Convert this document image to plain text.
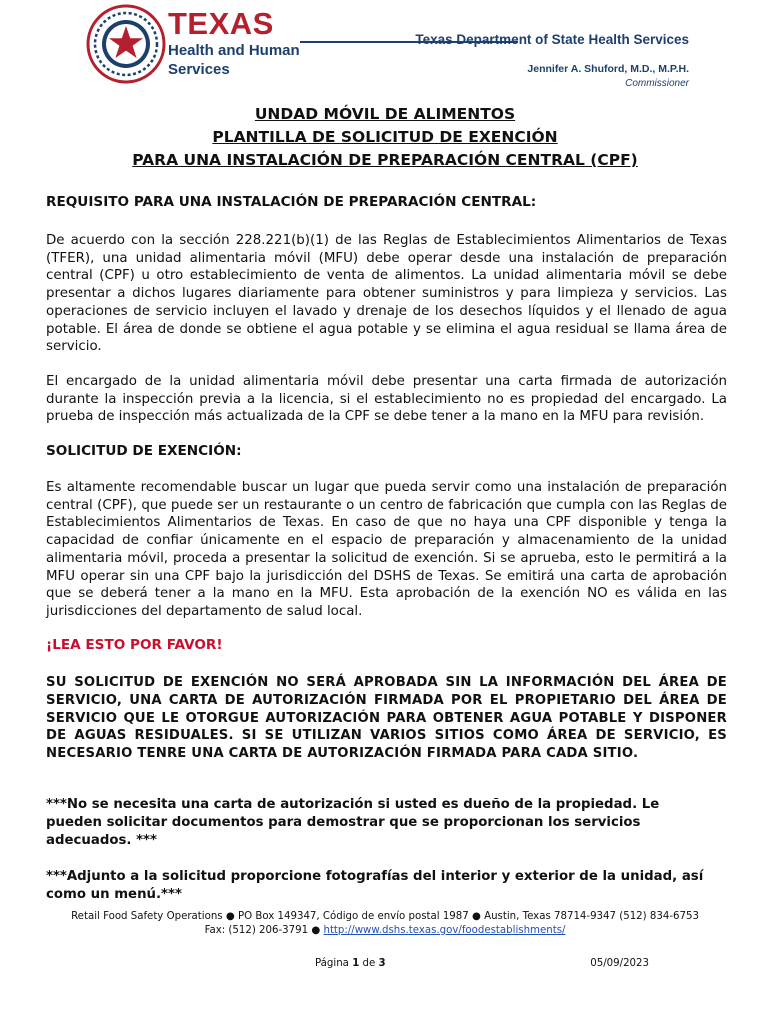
TEXAS
Health and Human
Services
Texas Department of State Health Services
Jennifer A. Shuford, M.D., M.P.H.
Commissioner
UNDAD MÓVIL DE ALIMENTOS
PLANTILLA DE SOLICITUD DE EXENCIÓN
PARA UNA INSTALACIÓN DE PREPARACIÓN CENTRAL (CPF)
REQUISITO PARA UNA INSTALACIÓN DE PREPARACIÓN CENTRAL:
De acuerdo con la sección 228.221(b)(1) de las Reglas de Establecimientos Alimentarios de Texas (TFER), una unidad alimentaria móvil (MFU) debe operar desde una instalación de preparación central (CPF) u otro establecimiento de venta de alimentos. La unidad alimentaria móvil se debe presentar a dichos lugares diariamente para obtener suministros y para limpieza y servicios. Las operaciones de servicio incluyen el lavado y drenaje de los desechos líquidos y el llenado de agua potable. El área de donde se obtiene el agua potable y se elimina el agua residual se llama área de servicio.
El encargado de la unidad alimentaria móvil debe presentar una carta firmada de autorización durante la inspección previa a la licencia, si el establecimiento no es propiedad del encargado. La prueba de inspección más actualizada de la CPF se debe tener a la mano en la MFU para revisión.
SOLICITUD DE EXENCIÓN:
Es altamente recomendable buscar un lugar que pueda servir como una instalación de preparación central (CPF), que puede ser un restaurante o un centro de fabricación que cumpla con las Reglas de Establecimientos Alimentarios de Texas. En caso de que no haya una CPF disponible y tenga la capacidad de confiar únicamente en el espacio de preparación y almacenamiento de la unidad alimentaria móvil, proceda a presentar la solicitud de exención. Si se aprueba, esto le permitirá a la MFU operar sin una CPF bajo la jurisdicción del DSHS de Texas. Se emitirá una carta de aprobación que se deberá tener a la mano en la MFU. Esta aprobación de la exención NO es válida en las jurisdicciones del departamento de salud local.
¡LEA ESTO POR FAVOR!
SU SOLICITUD DE EXENCIÓN NO SERÁ APROBADA SIN LA INFORMACIÓN DEL ÁREA DE SERVICIO, UNA CARTA DE AUTORIZACIÓN FIRMADA POR EL PROPIETARIO DEL ÁREA DE SERVICIO QUE LE OTORGUE AUTORIZACIÓN PARA OBTENER AGUA POTABLE Y DISPONER DE AGUAS RESIDUALES. SI SE UTILIZAN VARIOS SITIOS COMO ÁREA DE SERVICIO, ES NECESARIO TENRE UNA CARTA DE AUTORIZACIÓN FIRMADA PARA CADA SITIO.
***No se necesita una carta de autorización si usted es dueño de la propiedad. Le pueden solicitar documentos para demostrar que se proporcionan los servicios adecuados. ***
***Adjunto a la solicitud proporcione fotografías del interior y exterior de la unidad, así como un menú.***
Retail Food Safety Operations ● PO Box 149347, Código de envío postal 1987 ● Austin, Texas 78714-9347 (512) 834-6753
Fax: (512) 206-3791 ● http://www.dshs.texas.gov/foodestablishments/
Página 1 de 3	05/09/2023
